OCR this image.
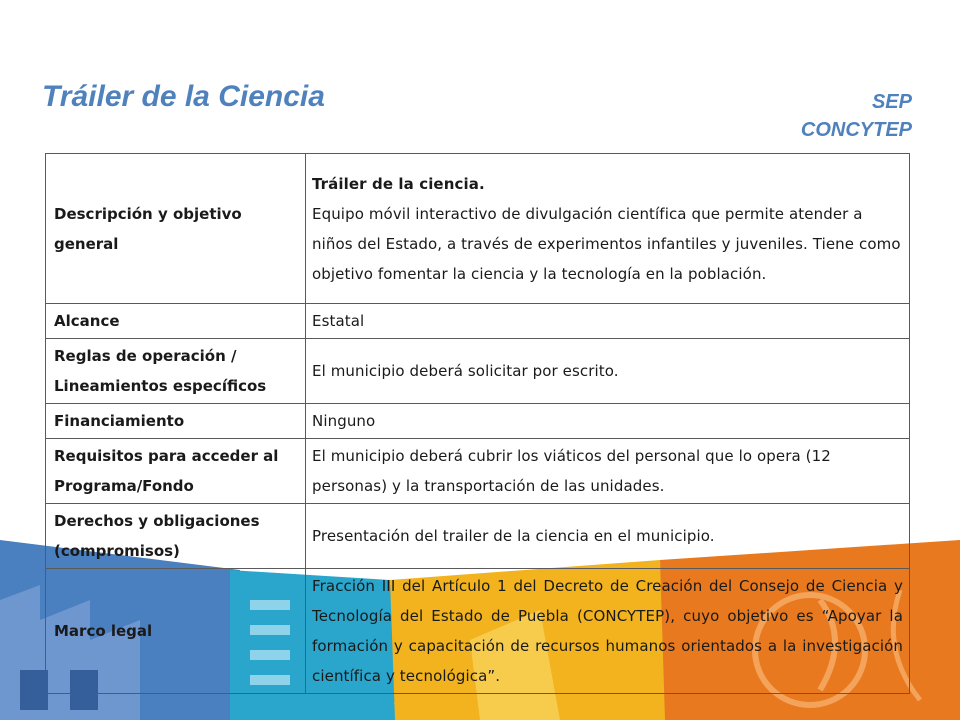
Tráiler de la Ciencia	SEP
CONCYTEP
Descripción y objetivo general	Tráiler de la ciencia.
Equipo móvil interactivo de divulgación científica que permite atender a niños del Estado, a través de experimentos infantiles y juveniles. Tiene como objetivo fomentar la ciencia y la tecnología en la población.
Alcance	Estatal
Reglas de operación / Lineamientos específicos	El municipio deberá solicitar por escrito.
Financiamiento	Ninguno
Requisitos para acceder al Programa/Fondo	El municipio deberá cubrir los viáticos del personal que lo opera (12 personas) y la transportación de las unidades.
Derechos y obligaciones (compromisos)	Presentación del trailer de la ciencia en el municipio.
Marco legal	Fracción III del Artículo 1 del Decreto de Creación del Consejo de Ciencia y Tecnología del Estado de Puebla (CONCYTEP), cuyo objetivo es “Apoyar la formación y capacitación de recursos humanos orientados a la investigación científica y tecnológica”.
